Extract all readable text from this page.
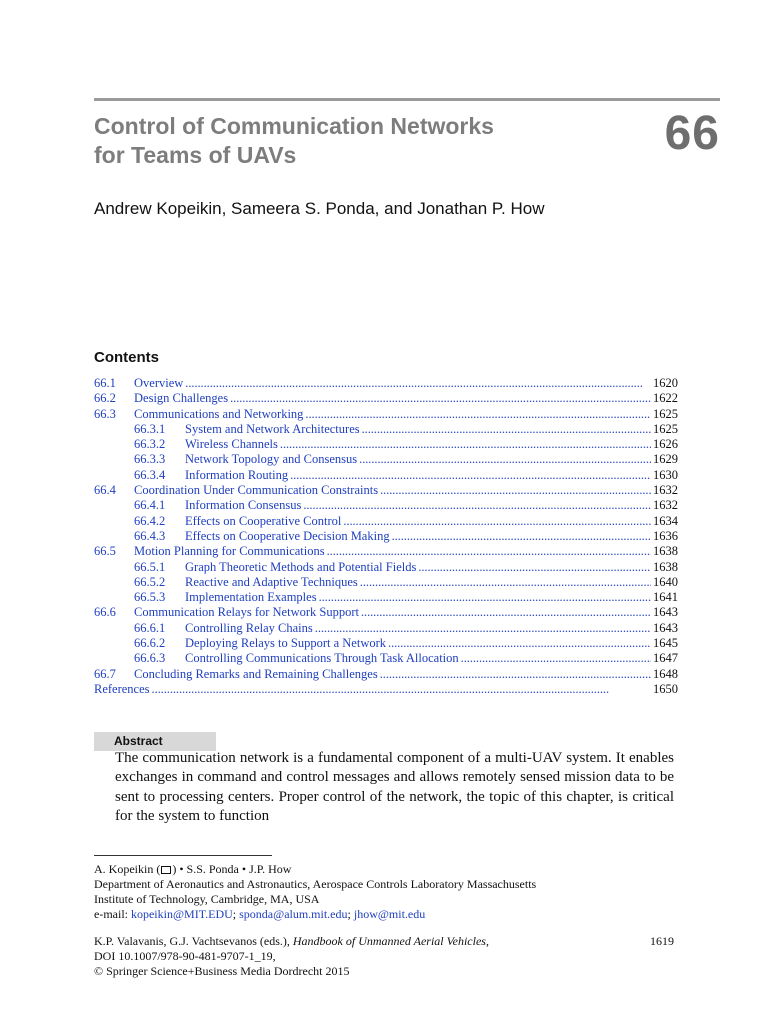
Control of Communication Networks
for Teams of UAVs	66
Andrew Kopeikin, Sameera S. Ponda, and Jonathan P. How
Contents
66.1	Overview . . .	1620
66.2	Design Challenges . . .	1622
66.3	Communications and Networking . . .	1625
66.3.1	System and Network Architectures . . .	1625
66.3.2	Wireless Channels . . .	1626
66.3.3	Network Topology and Consensus . . .	1629
66.3.4	Information Routing . . .	1630
66.4	Coordination Under Communication Constraints . . .	1632
66.4.1	Information Consensus . . .	1632
66.4.2	Effects on Cooperative Control . . .	1634
66.4.3	Effects on Cooperative Decision Making . . .	1636
66.5	Motion Planning for Communications . . .	1638
66.5.1	Graph Theoretic Methods and Potential Fields . . .	1638
66.5.2	Reactive and Adaptive Techniques . . .	1640
66.5.3	Implementation Examples . . .	1641
66.6	Communication Relays for Network Support . . .	1643
66.6.1	Controlling Relay Chains . . .	1643
66.6.2	Deploying Relays to Support a Network . . .	1645
66.6.3	Controlling Communications Through Task Allocation . . .	1647
66.7	Concluding Remarks and Remaining Challenges . . .	1648
References . . .	1650
Abstract
The communication network is a fundamental component of a multi-UAV system. It enables exchanges in command and control messages and allows remotely sensed mission data to be sent to processing centers. Proper control of the network, the topic of this chapter, is critical for the system to function
A. Kopeikin ( ) • S.S. Ponda • J.P. How
Department of Aeronautics and Astronautics, Aerospace Controls Laboratory Massachusetts
Institute of Technology, Cambridge, MA, USA
e-mail: kopeikin@MIT.EDU; sponda@alum.mit.edu; jhow@mit.edu
K.P. Valavanis, G.J. Vachtsevanos (eds.), Handbook of Unmanned Aerial Vehicles,
DOI 10.1007/978-90-481-9707-1_19,
© Springer Science+Business Media Dordrecht 2015
1619
